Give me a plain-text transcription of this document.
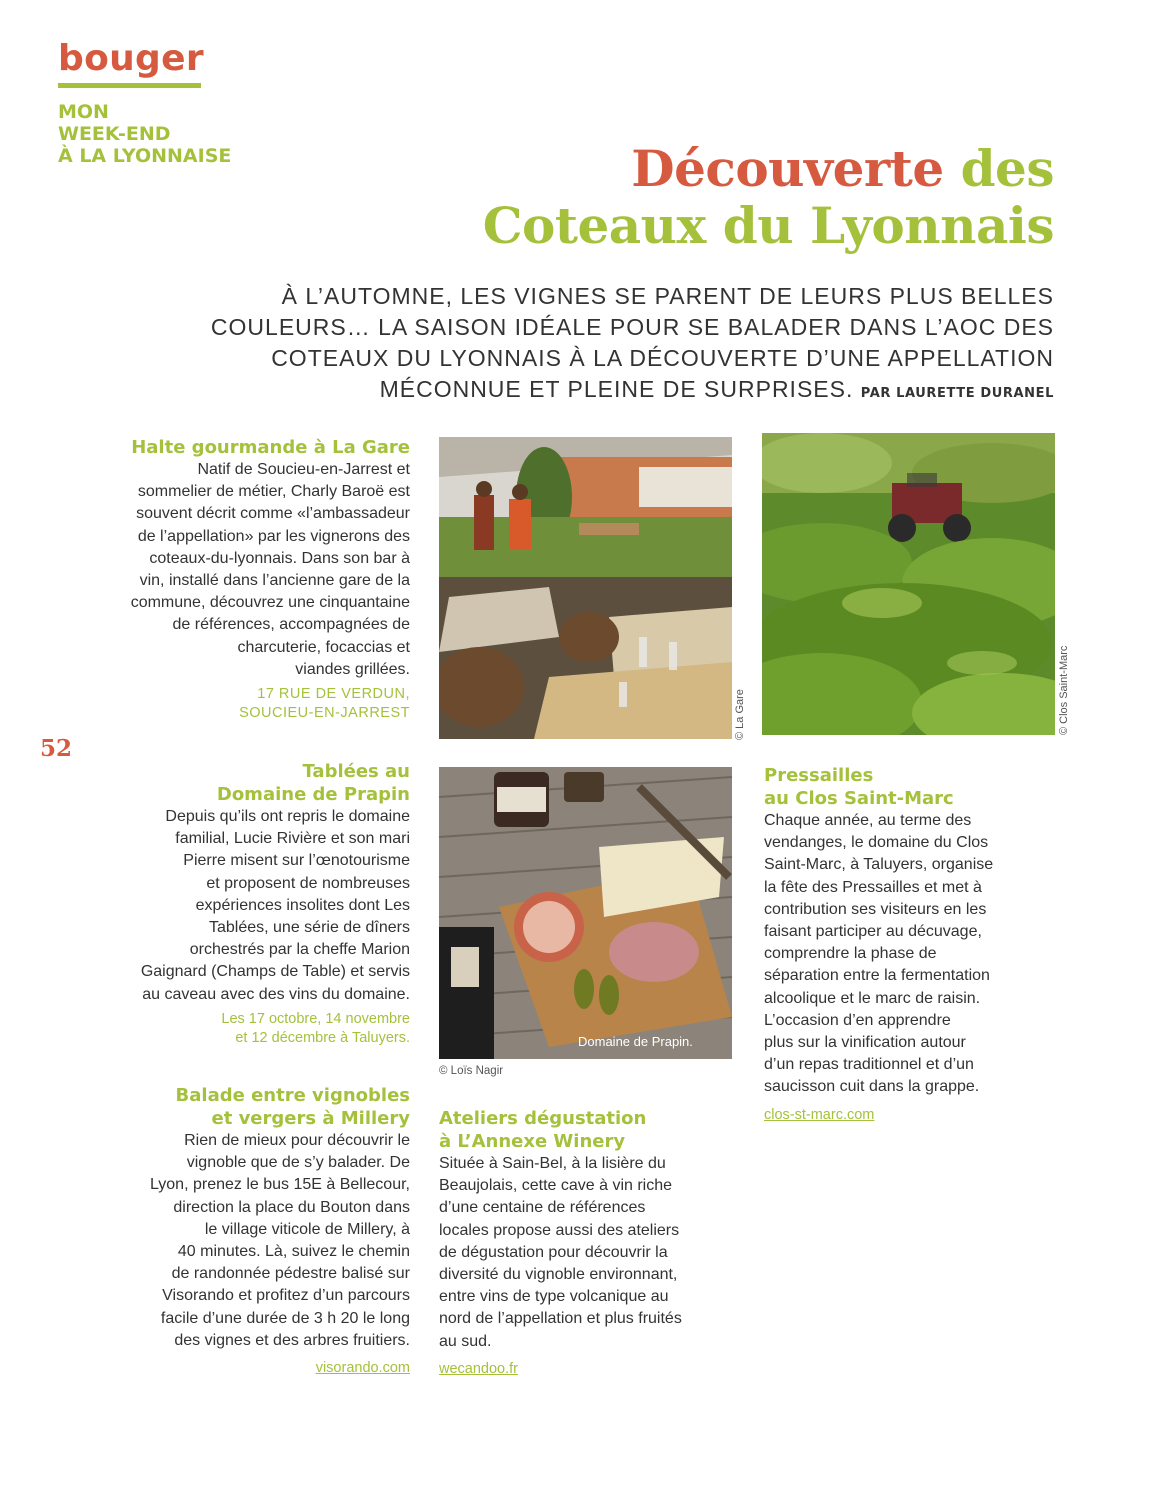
bouger
MON
WEEK-END
À LA LYONNAISE	Découverte des
Coteaux du Lyonnais
À L’AUTOMNE, LES VIGNES SE PARENT DE LEURS PLUS BELLES
COULEURS… LA SAISON IDÉALE POUR SE BALADER DANS L’AOC DES
COTEAUX DU LYONNAIS À LA DÉCOUVERTE D’UNE APPELLATION
MÉCONNUE ET PLEINE DE SURPRISES. PAR LAURETTE DURANEL
52
Halte gourmande à La Gare
Natif de Soucieu-en-Jarrest et
sommelier de métier, Charly Baroë est
souvent décrit comme «l’ambassadeur
de l’appellation» par les vignerons des
coteaux-du-lyonnais. Dans son bar à
vin, installé dans l’ancienne gare de la
commune, découvrez une cinquantaine
de références, accompagnées de
charcuterie, focaccias et
viandes grillées.
17 RUE DE VERDUN,
SOUCIEU-EN-JARREST
Tablées au
Domaine de Prapin
Depuis qu’ils ont repris le domaine
familial, Lucie Rivière et son mari
Pierre misent sur l’œnotourisme
et proposent de nombreuses
expériences insolites dont Les
Tablées, une série de dîners
orchestrés par la cheffe Marion
Gaignard (Champs de Table) et servis
au caveau avec des vins du domaine.
Les 17 octobre, 14 novembre
et 12 décembre à Taluyers.
Balade entre vignobles
et vergers à Millery
Rien de mieux pour découvrir le
vignoble que de s’y balader. De
Lyon, prenez le bus 15E à Bellecour,
direction la place du Bouton dans
le village viticole de Millery, à
40 minutes. Là, suivez le chemin
de randonnée pédestre balisé sur
Visorando et profitez d’un parcours
facile d’une durée de 3 h 20 le long
des vignes et des arbres fruitiers.
visorando.com
Ateliers dégustation
à L’Annexe Winery
Située à Sain-Bel, à la lisière du
Beaujolais, cette cave à vin riche
d’une centaine de références
locales propose aussi des ateliers
de dégustation pour découvrir la
diversité du vignoble environnant,
entre vins de type volcanique au
nord de l’appellation et plus fruités
au sud.
wecandoo.fr
Pressailles
au Clos Saint-Marc
Chaque année, au terme des
vendanges, le domaine du Clos
Saint-Marc, à Taluyers, organise
la fête des Pressailles et met à
contribution ses visiteurs en les
faisant participer au décuvage,
comprendre la phase de
séparation entre la fermentation
alcoolique et le marc de raisin.
L’occasion d’en apprendre
plus sur la vinification autour
d’un repas traditionnel et d’un
saucisson cuit dans la grappe.
clos-st-marc.com
© La Gare	© Clos Saint-Marc
Domaine de Prapin.
© Loïs Nagir
